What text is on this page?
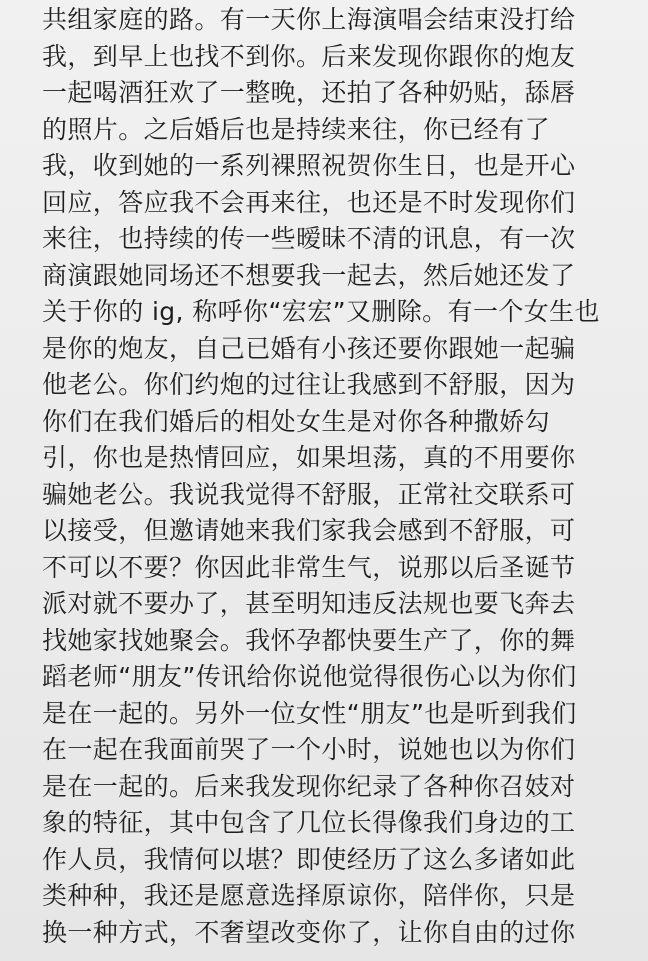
共组家庭的路。有一天你上海演唱会结束没打给
我，到早上也找不到你。后来发现你跟你的炮友
一起喝酒狂欢了一整晚，还拍了各种奶贴，舔唇
的照片。之后婚后也是持续来往，你已经有了
我，收到她的一系列裸照祝贺你生日，也是开心
回应，答应我不会再来往，也还是不时发现你们
来往，也持续的传一些暧昧不清的讯息，有一次
商演跟她同场还不想要我一起去，然后她还发了
关于你的 ig, 称呼你“宏宏”又删除。有一个女生也
是你的炮友，自己已婚有小孩还要你跟她一起骗
他老公。你们约炮的过往让我感到不舒服，因为
你们在我们婚后的相处女生是对你各种撒娇勾
引，你也是热情回应，如果坦荡，真的不用要你
骗她老公。我说我觉得不舒服，正常社交联系可
以接受，但邀请她来我们家我会感到不舒服，可
不可以不要？你因此非常生气，说那以后圣诞节
派对就不要办了，甚至明知违反法规也要飞奔去
找她家找她聚会。我怀孕都快要生产了，你的舞
蹈老师“朋友”传讯给你说他觉得很伤心以为你们
是在一起的。另外一位女性“朋友”也是听到我们
在一起在我面前哭了一个小时，说她也以为你们
是在一起的。后来我发现你纪录了各种你召妓对
象的特征，其中包含了几位长得像我们身边的工
作人员，我情何以堪？即使经历了这么多诸如此
类种种，我还是愿意选择原谅你，陪伴你，只是
换一种方式，不奢望改变你了，让你自由的过你
